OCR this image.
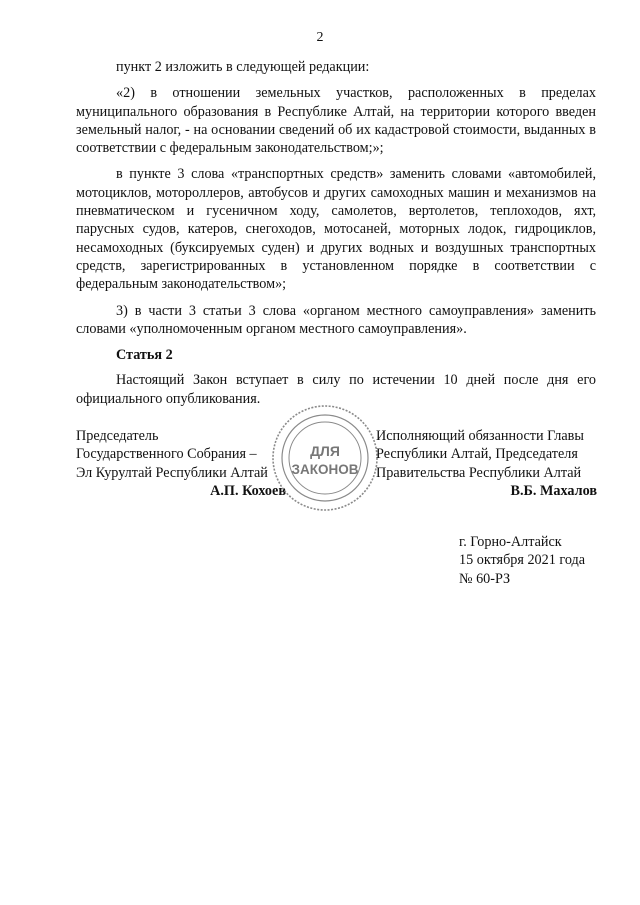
2

пункт 2 изложить в следующей редакции:

«2) в отношении земельных участков, расположенных в пределах муниципального образования в Республике Алтай, на территории которого введен земельный налог, - на основании сведений об их кадастровой стоимости, выданных в соответствии с федеральным законодательством;»;

в пункте 3 слова «транспортных средств» заменить словами «автомобилей, мотоциклов, мотороллеров, автобусов и других самоходных машин и механизмов на пневматическом и гусеничном ходу, самолетов, вертолетов, теплоходов, яхт, парусных судов, катеров, снегоходов, мотосаней, моторных лодок, гидроциклов, несамоходных (буксируемых суден) и других водных и воздушных транспортных средств, зарегистрированных в установленном порядке в соответствии с федеральным законодательством»;

3) в части 3 статьи 3 слова «органом местного самоуправления» заменить словами «уполномоченным органом местного самоуправления».

Статья 2

Настоящий Закон вступает в силу по истечении 10 дней после дня его официального опубликования.

Председатель
Государственного Собрания –
Эл Курултай Республики Алтай
А.П. Кохоев
ДЛЯ
ЗАКОНОВ
Исполняющий обязанности Главы
Республики Алтай, Председателя
Правительства Республики Алтай
В.Б. Махалов
г. Горно-Алтайск
15 октября 2021 года
№ 60-РЗ
